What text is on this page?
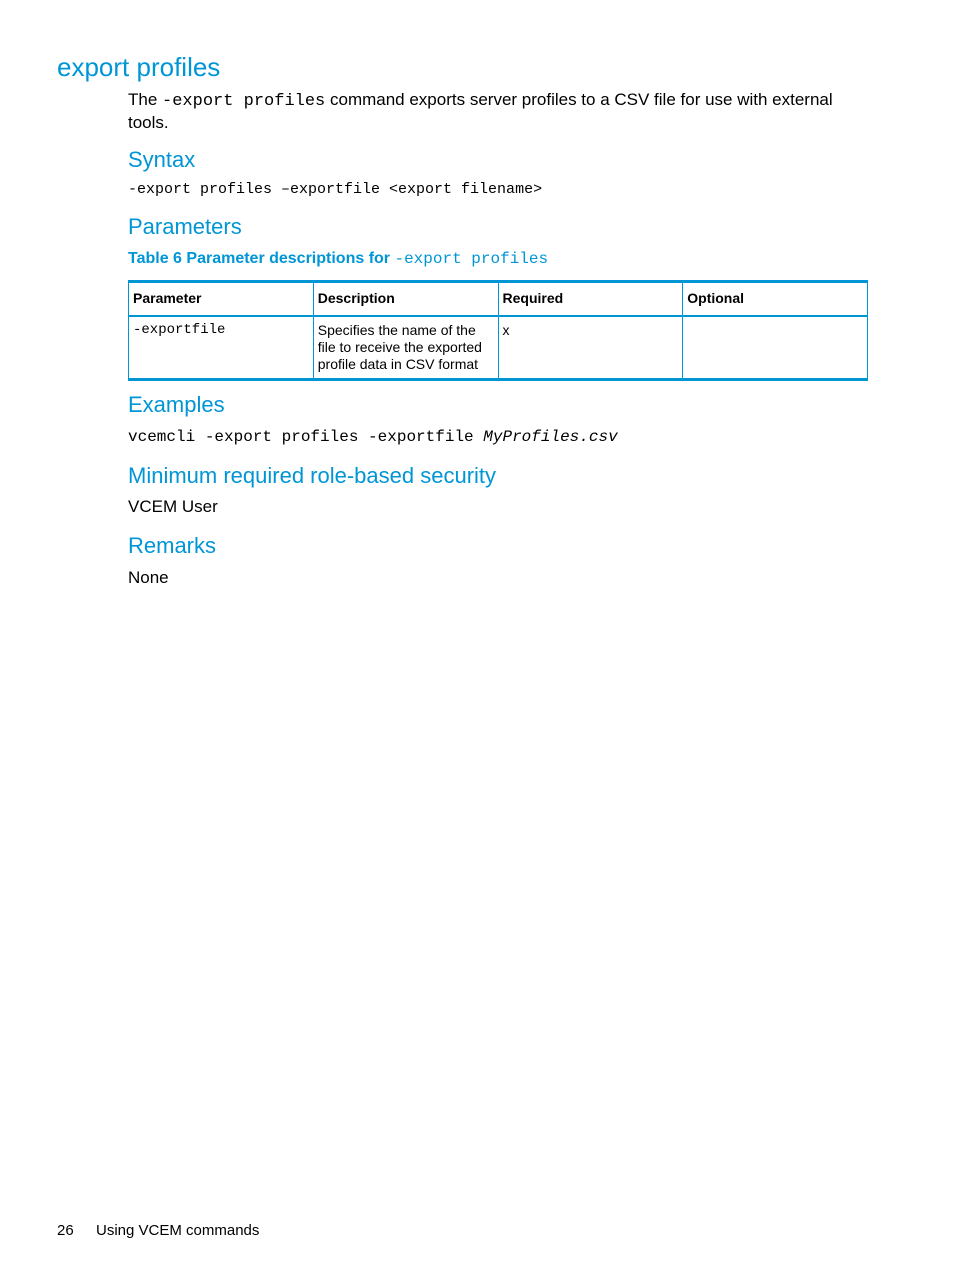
export profiles
The -export profiles command exports server profiles to a CSV file for use with external tools.
Syntax
-export profiles –exportfile <export filename>
Parameters
Table 6 Parameter descriptions for -export profiles
Parameter	Description	Required	Optional
-exportfile	Specifies the name of the file to receive the exported profile data in CSV format	x	
Examples
vcemcli -export profiles -exportfile MyProfiles.csv
Minimum required role-based security
VCEM User
Remarks
None
26 Using VCEM commands
